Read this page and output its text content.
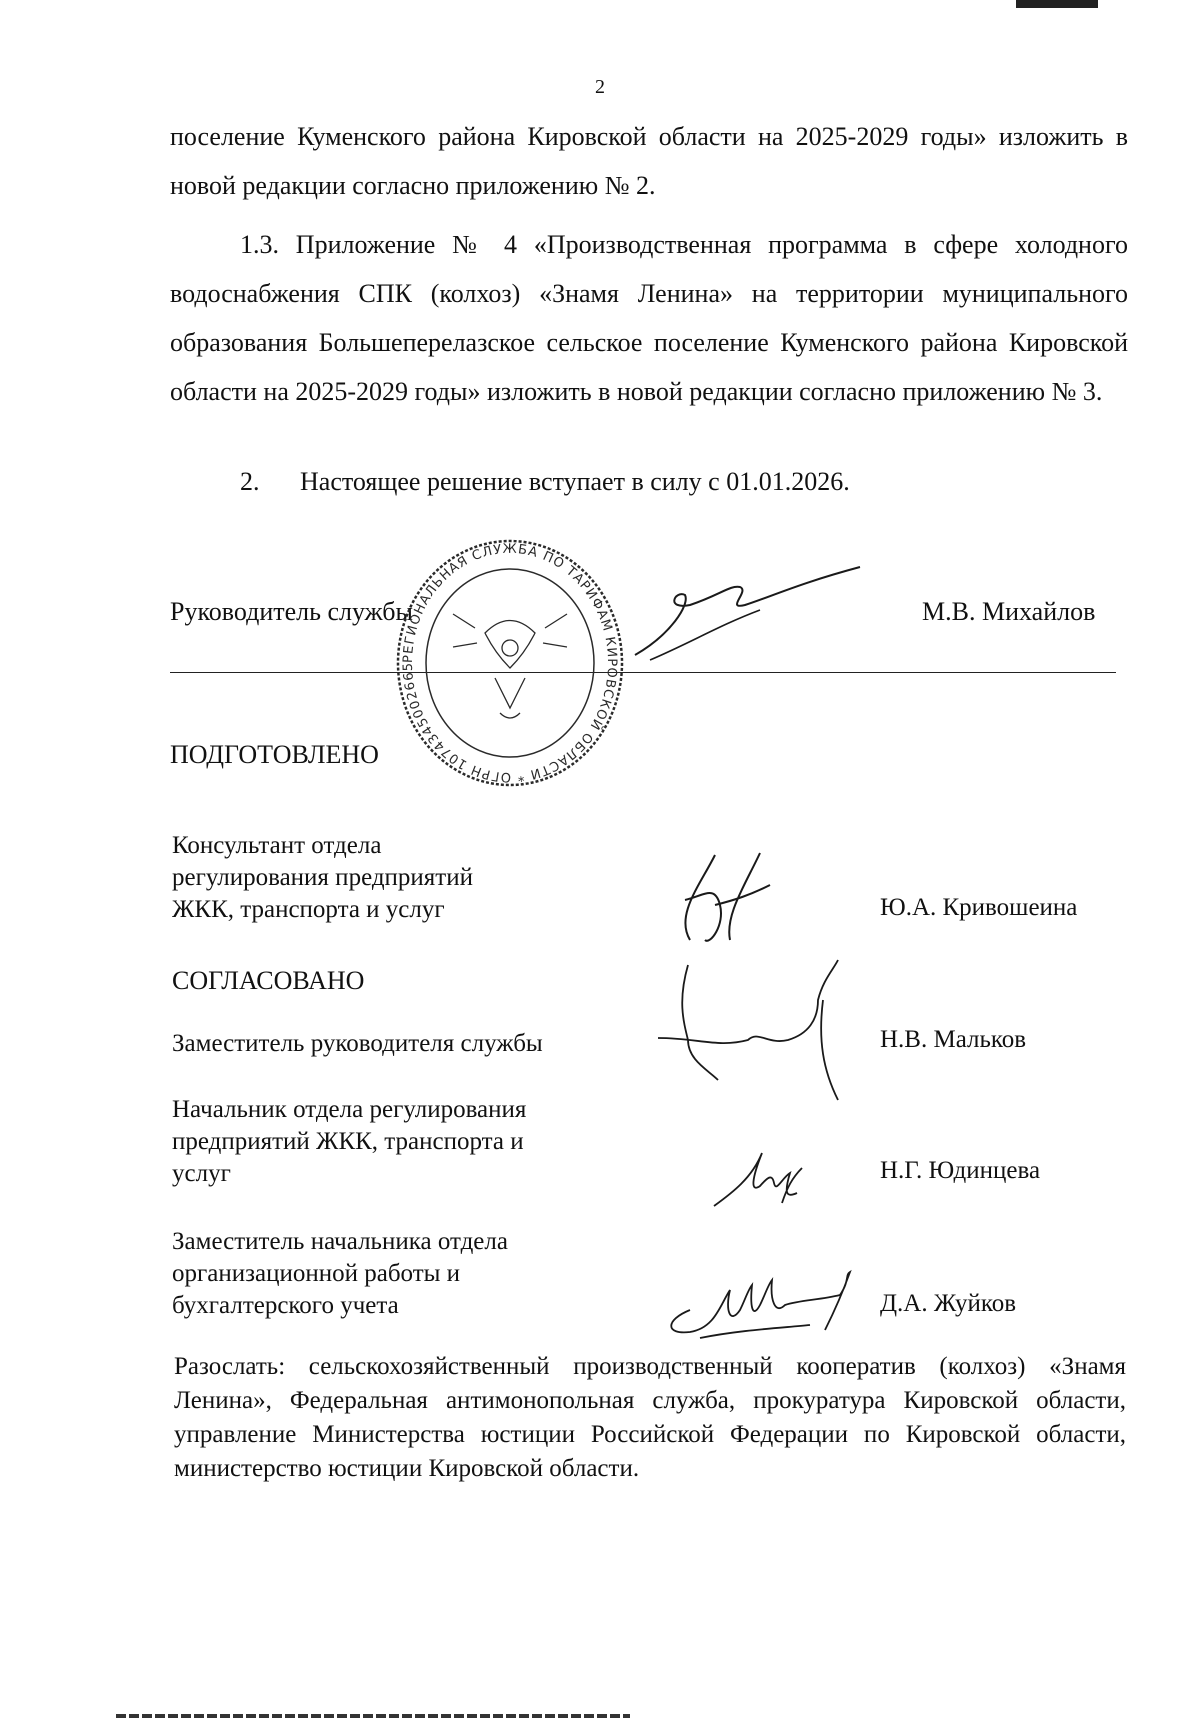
2
поселение Куменского района Кировской области на 2025-2029 годы» изложить в новой редакции согласно приложению № 2.
1.3. Приложение № 4 «Производственная программа в сфере холодного водоснабжения СПК (колхоз) «Знамя Ленина» на территории муниципального образования Большеперелазское сельское поселение Куменского района Кировской области на 2025-2029 годы» изложить в новой редакции согласно приложению № 3.
2. Настоящее решение вступает в силу с 01.01.2026.
Руководитель службы	М.В. Михайлов
РЕГИОНАЛЬНАЯ СЛУЖБА ПО ТАРИФАМ КИРОВСКОЙ ОБЛАСТИ * ОГРН 1074345002665
ПОДГОТОВЛЕНО
Консультант отдела
регулирования предприятий
ЖКК, транспорта и услуг	Ю.А. Кривошеина
СОГЛАСОВАНО
Заместитель руководителя службы	Н.В. Мальков
Начальник отдела регулирования
предприятий ЖКК, транспорта и
услуг	Н.Г. Юдинцева
Заместитель начальника отдела
организационной работы и
бухгалтерского учета	Д.А. Жуйков
Разослать: сельскохозяйственный производственный кооператив (колхоз) «Знамя Ленина», Федеральная антимонопольная служба, прокуратура Кировской области, управление Министерства юстиции Российской Федерации по Кировской области, министерство юстиции Кировской области.
